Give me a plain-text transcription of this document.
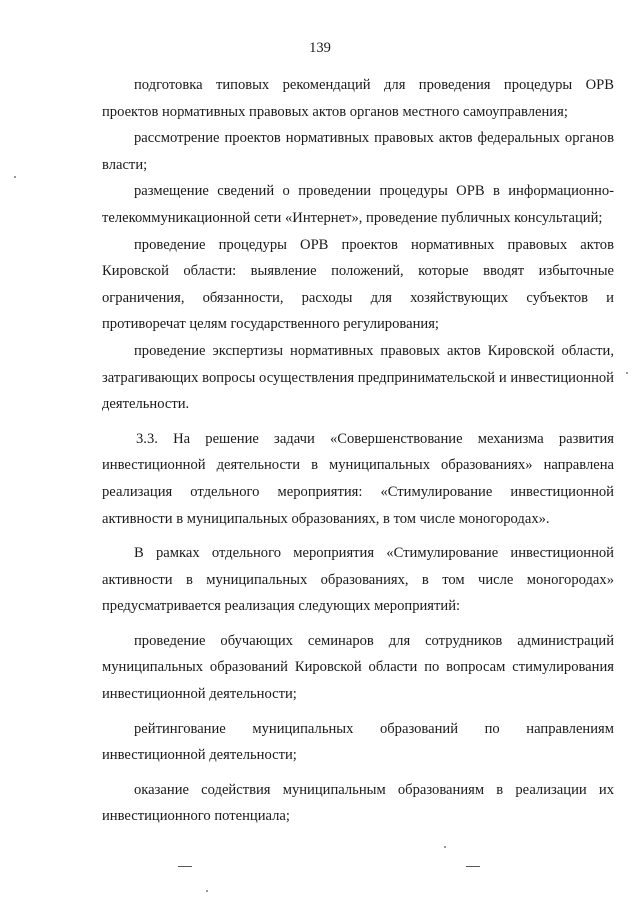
139

подготовка типовых рекомендаций для проведения процедуры ОРВ проектов нормативных правовых актов органов местного самоуправления;

рассмотрение проектов нормативных правовых актов федеральных органов власти;

размещение сведений о проведении процедуры ОРВ в информационно-телекоммуникационной сети «Интернет», проведение публичных консультаций;

проведение процедуры ОРВ проектов нормативных правовых актов Кировской области: выявление положений, которые вводят избыточные ограничения, обязанности, расходы для хозяйствующих субъектов и противоречат целям государственного регулирования;

проведение экспертизы нормативных правовых актов Кировской области, затрагивающих вопросы осуществления предпринимательской и инвестиционной деятельности.

3.3. На решение задачи «Совершенствование механизма развития инвестиционной деятельности в муниципальных образованиях» направлена реализация отдельного мероприятия: «Стимулирование инвестиционной активности в муниципальных образованиях, в том числе моногородах».

В рамках отдельного мероприятия «Стимулирование инвестиционной активности в муниципальных образованиях, в том числе моногородах» предусматривается реализация следующих мероприятий:

проведение обучающих семинаров для сотрудников администраций муниципальных образований Кировской области по вопросам стимулирования инвестиционной деятельности;

рейтингование муниципальных образований по направлениям инвестиционной деятельности;

оказание содействия муниципальным образованиям в реализации их инвестиционного потенциала;
